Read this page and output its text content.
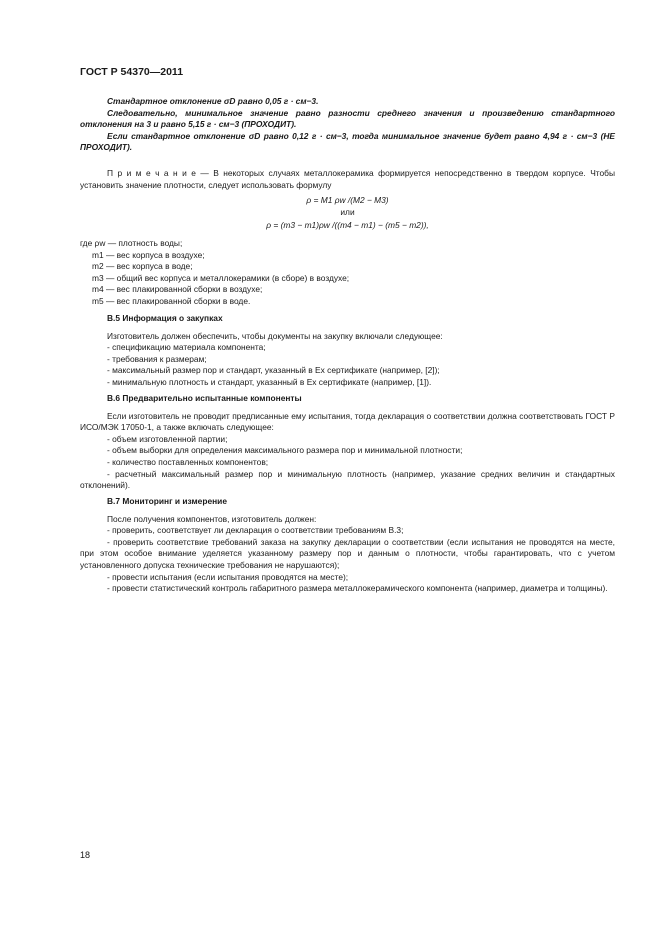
ГОСТ Р 54370—2011

Стандартное отклонение σD равно 0,05 г · см−3.

Следовательно, минимальное значение равно разности среднего значения и произведению стандартного отклонения на 3 и равно 5,15 г · см−3 (ПРОХОДИТ).

Если стандартное отклонение σD равно 0,12 г · см−3, тогда минимальное значение будет равно 4,94 г · см−3 (НЕ ПРОХОДИТ).

П р и м е ч а н и е — В некоторых случаях металлокерамика формируется непосредственно в твердом корпусе. Чтобы установить значение плотности, следует использовать формулу

ρ = M1 ρw /(M2 − M3)

или

ρ = (m3 − m1)ρw /((m4 − m1) − (m5 − m2)),

где ρw — плотность воды;

m1 — вес корпуса в воздухе;

m2 — вес корпуса в воде;

m3 — общий вес корпуса и металлокерамики (в сборе) в воздухе;

m4 — вес плакированной сборки в воздухе;

m5 — вес плакированной сборки в воде.

В.5 Информация о закупках

Изготовитель должен обеспечить, чтобы документы на закупку включали следующее:

- спецификацию материала компонента;

- требования к размерам;

- максимальный размер пор и стандарт, указанный в Ex сертификате (например, [2]);

- минимальную плотность и стандарт, указанный в Ex сертификате (например, [1]).

В.6 Предварительно испытанные компоненты

Если изготовитель не проводит предписанные ему испытания, тогда декларация о соответствии должна соответствовать ГОСТ Р ИСО/МЭК 17050-1, а также включать следующее:

- объем изготовленной партии;

- объем выборки для определения максимального размера пор и минимальной плотности;

- количество поставленных компонентов;

- расчетный максимальный размер пор и минимальную плотность (например, указание средних величин и стандартных отклонений).

В.7 Мониторинг и измерение

После получения компонентов, изготовитель должен:

- проверить, соответствует ли декларация о соответствии требованиям В.3;

- проверить соответствие требований заказа на закупку декларации о соответствии (если испытания не проводятся на месте, при этом особое внимание уделяется указанному размеру пор и данным о плотности, чтобы гарантировать, что с учетом установленного допуска технические требования не нарушаются);

- провести испытания (если испытания проводятся на месте);

- провести статистический контроль габаритного размера металлокерамического компонента (например, диаметра и толщины).

18
